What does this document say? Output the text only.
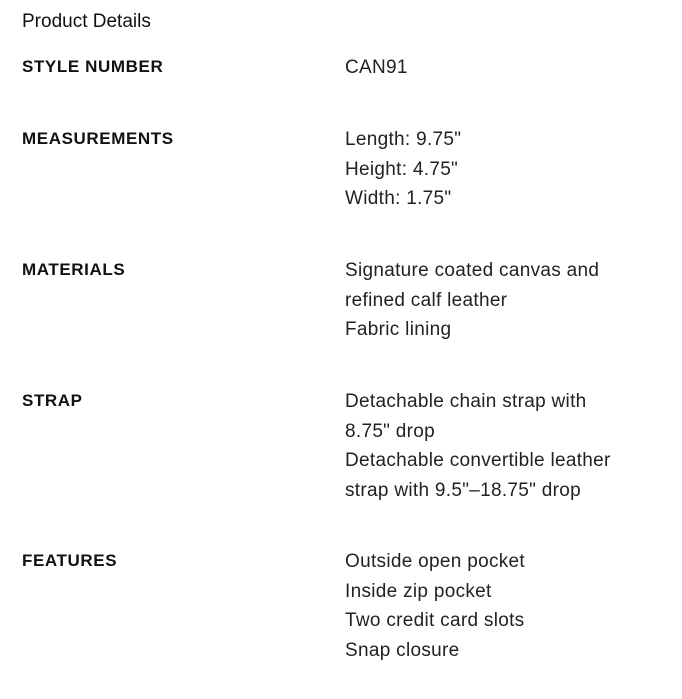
Product Details
STYLE NUMBER	CAN91
MEASUREMENTS	Length: 9.75"
Height: 4.75"
Width: 1.75"
MATERIALS	Signature coated canvas and
refined calf leather
Fabric lining
STRAP	Detachable chain strap with
8.75" drop
Detachable convertible leather
strap with 9.5"–18.75" drop
FEATURES	Outside open pocket
Inside zip pocket
Two credit card slots
Snap closure
